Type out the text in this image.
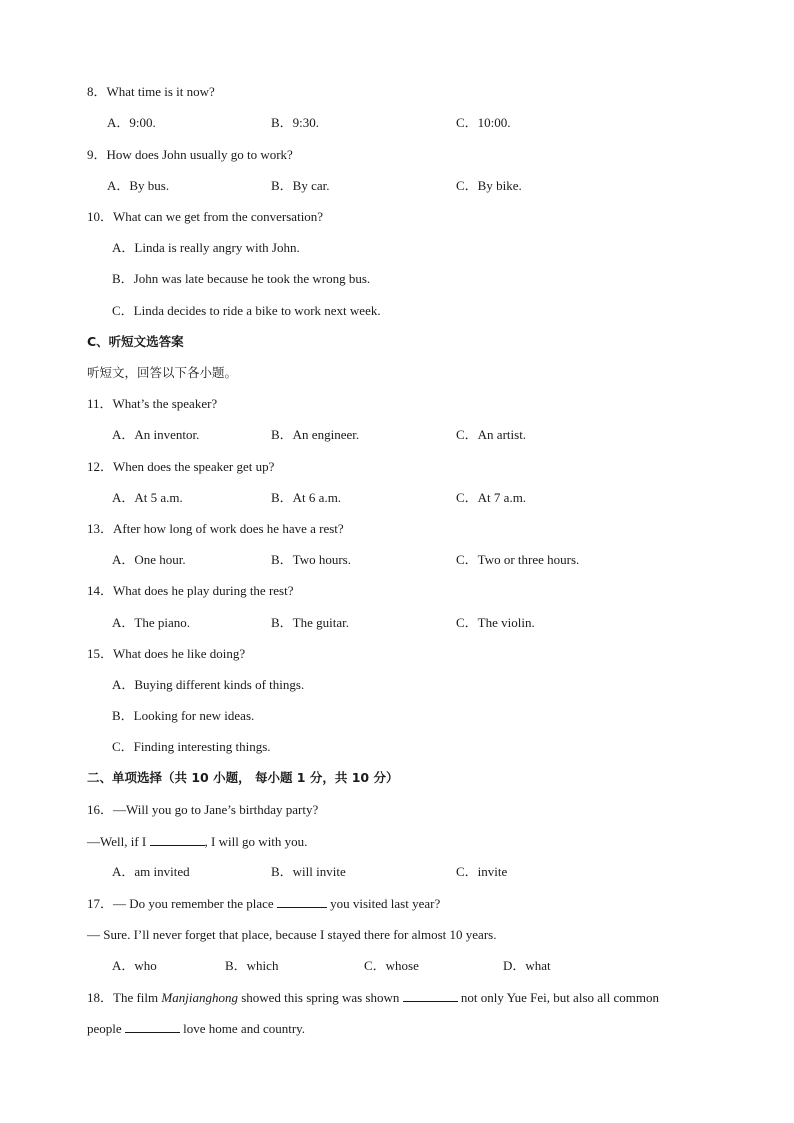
8．What time is it now?
A．9:00.	B．9:30.	C．10:00.
9．How does John usually go to work?
A．By bus.	B．By car.	C．By bike.
10．What can we get from the conversation?
A．Linda is really angry with John.
B．John was late because he took the wrong bus.
C．Linda decides to ride a bike to work next week.
C、听短文选答案
听短文，回答以下各小题。
11．What’s the speaker?
A．An inventor.	B．An engineer.	C．An artist.
12．When does the speaker get up?
A．At 5 a.m.	B．At 6 a.m.	C．At 7 a.m.
13．After how long of work does he have a rest?
A．One hour.	B．Two hours.	C．Two or three hours.
14．What does he play during the rest?
A．The piano.	B．The guitar.	C．The violin.
15．What does he like doing?
A．Buying different kinds of things.
B．Looking for new ideas.
C．Finding interesting things.
二、单项选择（共 10 小题， 每小题 1 分，共 10 分）
16．—Will you go to Jane’s birthday party?
—Well, if I	, I will go with you.
A．am invited	B．will invite	C．invite
17．— Do you remember the place	you visited last year?
— Sure. I’ll never forget that place, because I stayed there for almost 10 years.
A．who	B．which	C．whose	D．what
18．The film Manjianghong showed this spring was shown	not only Yue Fei, but also all common
people	love home and country.
